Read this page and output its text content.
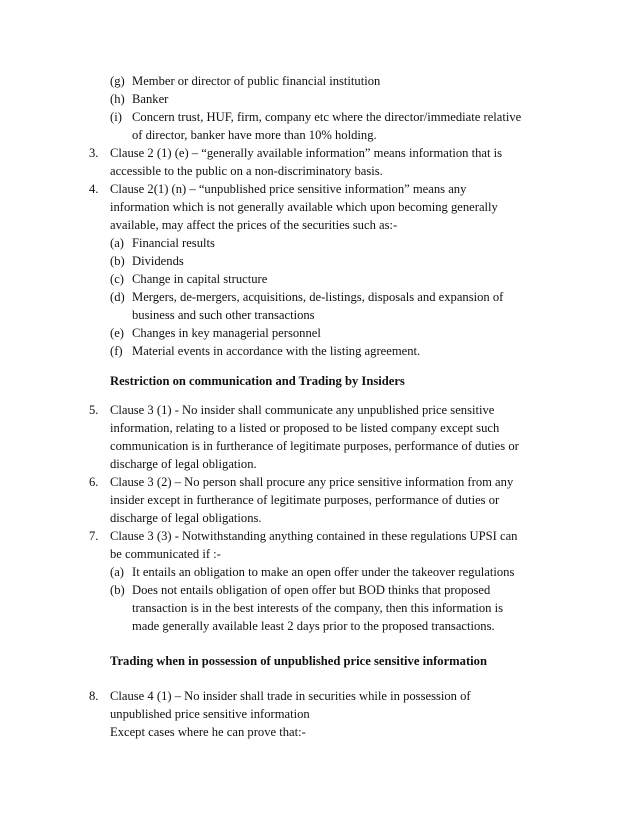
(g) Member or director of public financial institution
(h) Banker
(i) Concern trust, HUF, firm, company etc where the director/immediate relative
of director, banker have more than 10% holding.
3. Clause 2 (1) (e) – “generally available information” means information that is
accessible to the public on a non-discriminatory basis.
4. Clause 2(1) (n) – “unpublished price sensitive information” means any
information which is not generally available which upon becoming generally
available, may affect the prices of the securities such as:-
(a) Financial results
(b) Dividends
(c) Change in capital structure
(d) Mergers, de-mergers, acquisitions, de-listings, disposals and expansion of
business and such other transactions
(e) Changes in key managerial personnel
(f) Material events in accordance with the listing agreement.
Restriction on communication and Trading by Insiders
5. Clause 3 (1) - No insider shall communicate any unpublished price sensitive
information, relating to a listed or proposed to be listed company except such
communication is in furtherance of legitimate purposes, performance of duties or
discharge of legal obligation.
6. Clause 3 (2) – No person shall procure any price sensitive information from any
insider except in furtherance of legitimate purposes, performance of duties or
discharge of legal obligations.
7. Clause 3 (3) - Notwithstanding anything contained in these regulations UPSI can
be communicated if :-
(a) It entails an obligation to make an open offer under the takeover regulations
(b) Does not entails obligation of open offer but BOD thinks that proposed
transaction is in the best interests of the company, then this information is
made generally available least 2 days prior to the proposed transactions.
Trading when in possession of unpublished price sensitive information
8. Clause 4 (1) – No insider shall trade in securities while in possession of
unpublished price sensitive information
Except cases where he can prove that:-
